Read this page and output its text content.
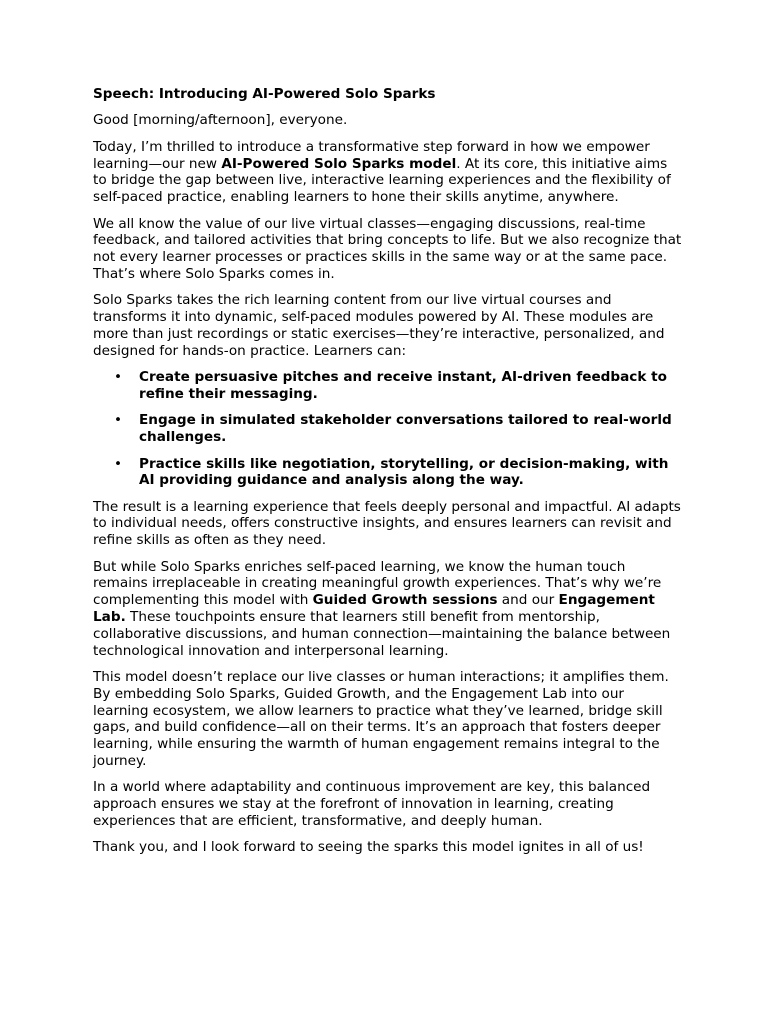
Speech: Introducing AI-Powered Solo Sparks

Good [morning/afternoon], everyone.

Today, I’m thrilled to introduce a transformative step forward in how we empower learning—our new AI-Powered Solo Sparks model. At its core, this initiative aims to bridge the gap between live, interactive learning experiences and the flexibility of self-paced practice, enabling learners to hone their skills anytime, anywhere.

We all know the value of our live virtual classes—engaging discussions, real-time feedback, and tailored activities that bring concepts to life. But we also recognize that not every learner processes or practices skills in the same way or at the same pace. That’s where Solo Sparks comes in.

Solo Sparks takes the rich learning content from our live virtual courses and transforms it into dynamic, self-paced modules powered by AI. These modules are more than just recordings or static exercises—they’re interactive, personalized, and designed for hands-on practice. Learners can:

• Create persuasive pitches and receive instant, AI-driven feedback to refine their messaging.
• Engage in simulated stakeholder conversations tailored to real-world challenges.
• Practice skills like negotiation, storytelling, or decision-making, with AI providing guidance and analysis along the way.

The result is a learning experience that feels deeply personal and impactful. AI adapts to individual needs, offers constructive insights, and ensures learners can revisit and refine skills as often as they need.

But while Solo Sparks enriches self-paced learning, we know the human touch remains irreplaceable in creating meaningful growth experiences. That’s why we’re complementing this model with Guided Growth sessions and our Engagement Lab. These touchpoints ensure that learners still benefit from mentorship, collaborative discussions, and human connection—maintaining the balance between technological innovation and interpersonal learning.

This model doesn’t replace our live classes or human interactions; it amplifies them. By embedding Solo Sparks, Guided Growth, and the Engagement Lab into our learning ecosystem, we allow learners to practice what they’ve learned, bridge skill gaps, and build confidence—all on their terms. It’s an approach that fosters deeper learning, while ensuring the warmth of human engagement remains integral to the journey.

In a world where adaptability and continuous improvement are key, this balanced approach ensures we stay at the forefront of innovation in learning, creating experiences that are efficient, transformative, and deeply human.

Thank you, and I look forward to seeing the sparks this model ignites in all of us!
